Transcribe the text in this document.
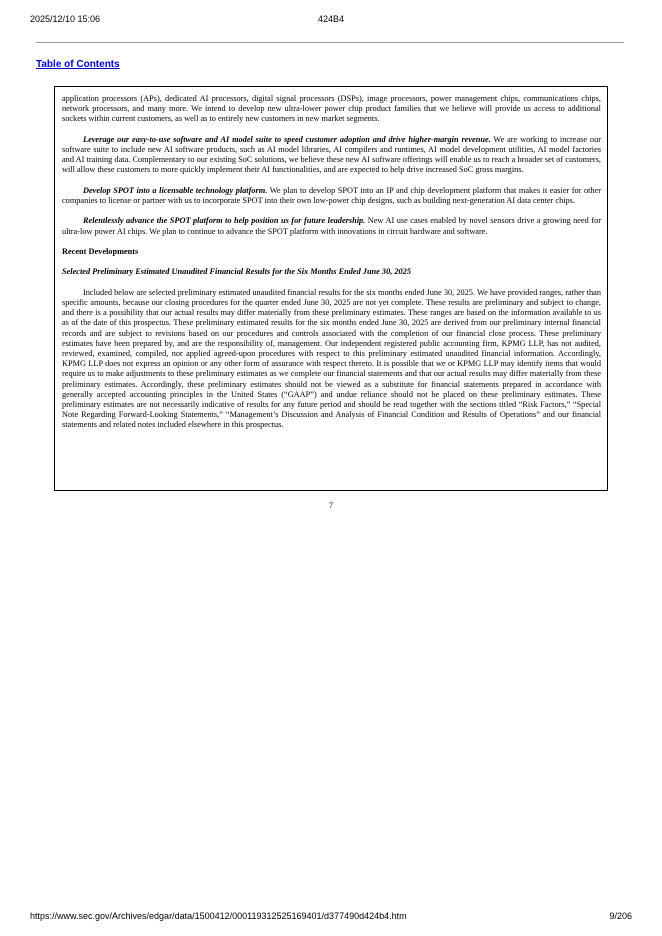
2025/12/10 15:06	424B4
Table of Contents

application processors (APs), dedicated AI processors, digital signal processors (DSPs), image processors, power management chips, communications chips, network processors, and many more. We intend to develop new ultra-lower power chip product families that we believe will provide us access to additional sockets within current customers, as well as to entirely new customers in new market segments.

Leverage our easy-to-use software and AI model suite to speed customer adoption and drive higher-margin revenue. We are working to increase our software suite to include new AI software products, such as AI model libraries, AI compilers and runtimes, AI model development utilities, AI model factories and AI training data. Complementary to our existing SoC solutions, we believe these new AI software offerings will enable us to reach a broader set of customers, will allow these customers to more quickly implement their AI functionalities, and are expected to help drive increased SoC gross margins.

Develop SPOT into a licensable technology platform. We plan to develop SPOT into an IP and chip development platform that makes it easier for other companies to license or partner with us to incorporate SPOT into their own low-power chip designs, such as building next-generation AI data center chips.

Relentlessly advance the SPOT platform to help position us for future leadership. New AI use cases enabled by novel sensors drive a growing need for ultra-low power AI chips. We plan to continue to advance the SPOT platform with innovations in circuit hardware and software.

Recent Developments

Selected Preliminary Estimated Unaudited Financial Results for the Six Months Ended June 30, 2025

Included below are selected preliminary estimated unaudited financial results for the six months ended June 30, 2025. We have provided ranges, rather than specific amounts, because our closing procedures for the quarter ended June 30, 2025 are not yet complete. These results are preliminary and subject to change, and there is a possibility that our actual results may differ materially from these preliminary estimates. These ranges are based on the information available to us as of the date of this prospectus. These preliminary estimated results for the six months ended June 30, 2025 are derived from our preliminary internal financial records and are subject to revisions based on our procedures and controls associated with the completion of our financial close process. These preliminary estimates have been prepared by, and are the responsibility of, management. Our independent registered public accounting firm, KPMG LLP, has not audited, reviewed, examined, compiled, nor applied agreed-upon procedures with respect to this preliminary estimated unaudited financial information. Accordingly, KPMG LLP does not express an opinion or any other form of assurance with respect thereto. It is possible that we or KPMG LLP may identify items that would require us to make adjustments to these preliminary estimates as we complete our financial statements and that our actual results may differ materially from these preliminary estimates. Accordingly, these preliminary estimates should not be viewed as a substitute for financial statements prepared in accordance with generally accepted accounting principles in the United States (“GAAP”) and undue reliance should not be placed on these preliminary estimates. These preliminary estimates are not necessarily indicative of results for any future period and should be read together with the sections titled “Risk Factors,” “Special Note Regarding Forward-Looking Statements,” “Management’s Discussion and Analysis of Financial Condition and Results of Operations” and our financial statements and related notes included elsewhere in this prospectus.

7
https://www.sec.gov/Archives/edgar/data/1500412/000119312525169401/d377490d424b4.htm	9/206
